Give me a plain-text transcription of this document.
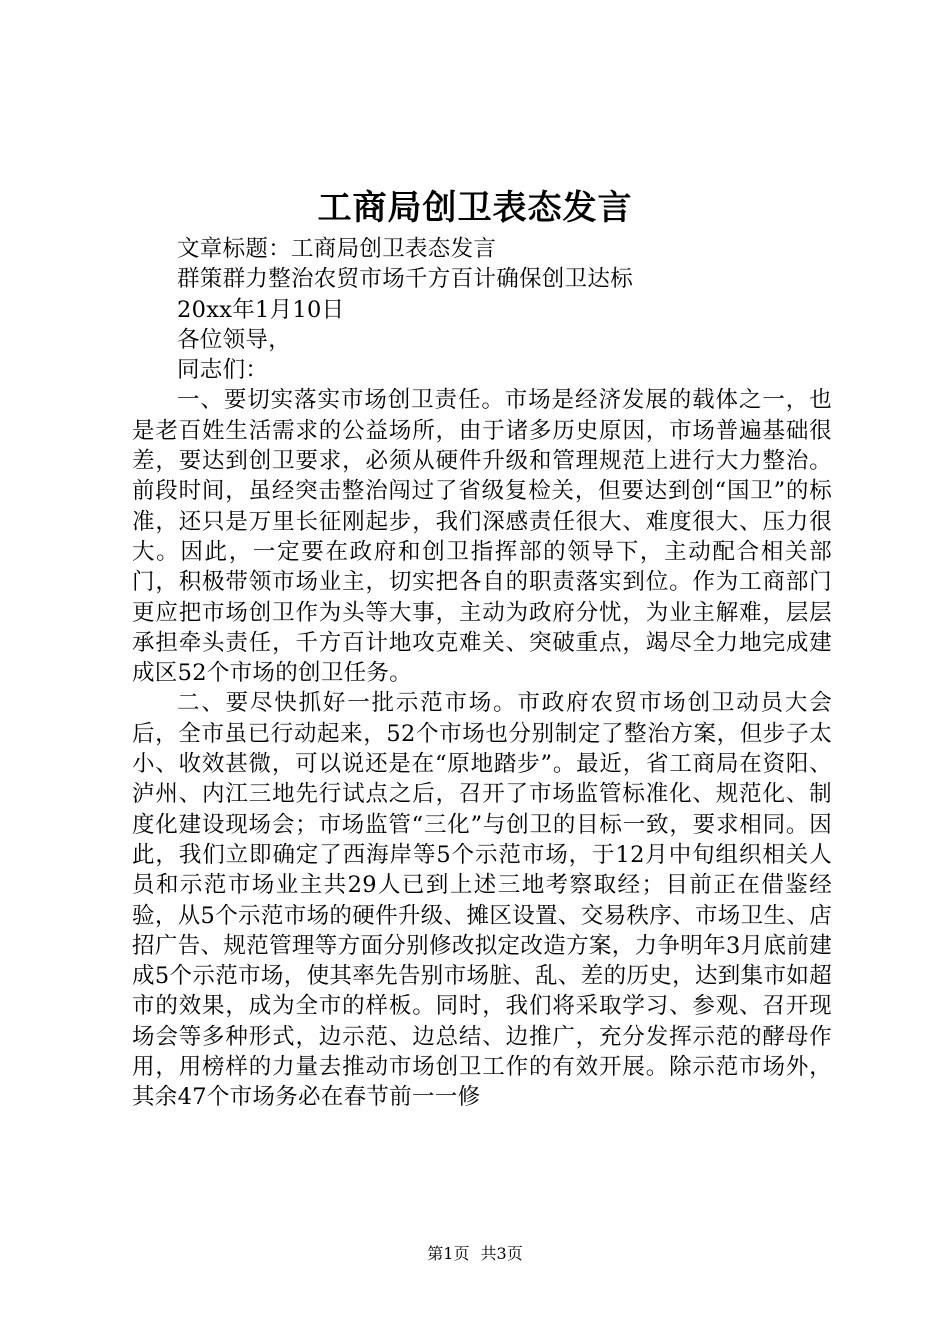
工商局创卫表态发言
文章标题：工商局创卫表态发言
群策群力整治农贸市场千方百计确保创卫达标
20xx年1月10日
各位领导，
同志们：
一、要切实落实市场创卫责任。市场是经济发展的载体之一，也是老百姓生活需求的公益场所，由于诸多历史原因，市场普遍基础很差，要达到创卫要求，必须从硬件升级和管理规范上进行大力整治。前段时间，虽经突击整治闯过了省级复检关，但要达到创“国卫”的标准，还只是万里长征刚起步，我们深感责任很大、难度很大、压力很大。因此，一定要在政府和创卫指挥部的领导下，主动配合相关部门，积极带领市场业主，切实把各自的职责落实到位。作为工商部门更应把市场创卫作为头等大事，主动为政府分忧，为业主解难，层层承担牵头责任，千方百计地攻克难关、突破重点，竭尽全力地完成建成区52个市场的创卫任务。
二、要尽快抓好一批示范市场。市政府农贸市场创卫动员大会后，全市虽已行动起来，52个市场也分别制定了整治方案，但步子太小、收效甚微，可以说还是在“原地踏步”。最近，省工商局在资阳、泸州、内江三地先行试点之后，召开了市场监管标准化、规范化、制度化建设现场会；市场监管“三化”与创卫的目标一致，要求相同。因此，我们立即确定了西海岸等5个示范市场，于12月中旬组织相关人员和示范市场业主共29人已到上述三地考察取经；目前正在借鉴经验，从5个示范市场的硬件升级、摊区设置、交易秩序、市场卫生、店招广告、规范管理等方面分别修改拟定改造方案，力争明年3月底前建成5个示范市场，使其率先告别市场脏、乱、差的历史，达到集市如超市的效果，成为全市的样板。同时，我们将采取学习、参观、召开现场会等多种形式，边示范、边总结、边推广，充分发挥示范的酵母作用，用榜样的力量去推动市场创卫工作的有效开展。除示范市场外，其余47个市场务必在春节前一一修
第1页 共3页
